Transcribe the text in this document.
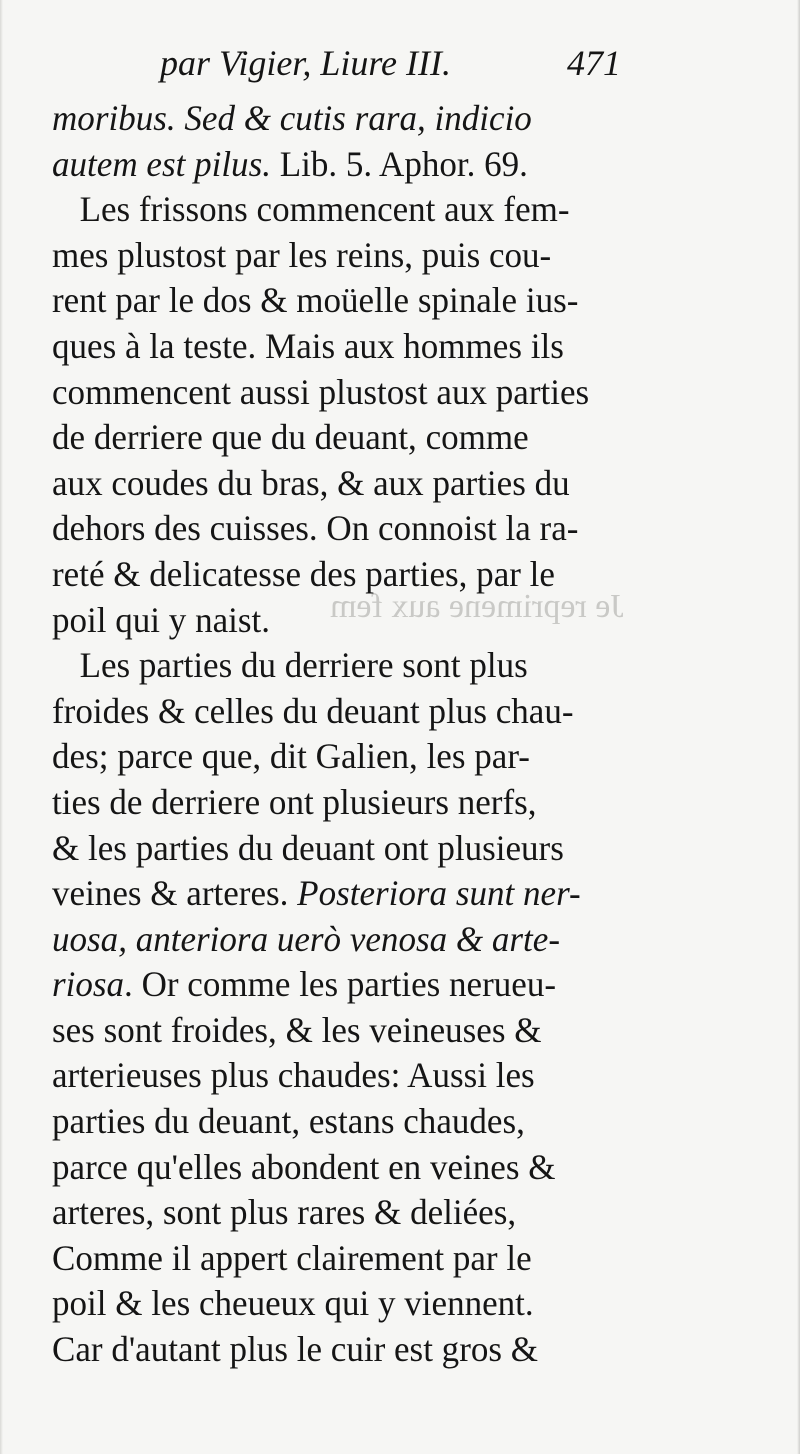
Je reprimene aux fem
par Vigier, Liure III.	471
moribus. Sed & cutis rara, indicio
autem est pilus. Lib. 5. Aphor. 69.
Les frissons commencent aux fem-
mes plustost par les reins, puis cou-
rent par le dos & moüelle spinale ius-
ques à la teste. Mais aux hommes ils
commencent aussi plustost aux parties
de derriere que du deuant, comme
aux coudes du bras, & aux parties du
dehors des cuisses. On connoist la ra-
reté & delicatesse des parties, par le
poil qui y naist.
Les parties du derriere sont plus
froides & celles du deuant plus chau-
des; parce que, dit Galien, les par-
ties de derriere ont plusieurs nerfs,
& les parties du deuant ont plusieurs
veines & arteres. Posteriora sunt ner-
uosa, anteriora uerò venosa & arte-
riosa. Or comme les parties nerueu-
ses sont froides, & les veineuses &
arterieuses plus chaudes: Aussi les
parties du deuant, estans chaudes,
parce qu'elles abondent en veines &
arteres, sont plus rares & deliées,
Comme il appert clairement par le
poil & les cheueux qui y viennent.
Car d'autant plus le cuir est gros &
